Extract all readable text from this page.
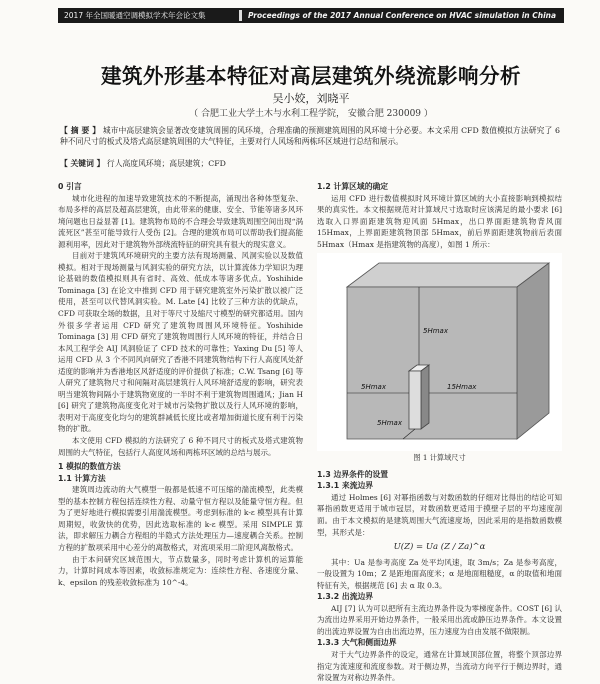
2017 年全国暖通空调模拟学术年会论文集	Proceedings of the 2017 Annual Conference on HVAC simulation in China
建筑外形基本特征对高层建筑外绕流影响分析
吴小姣，刘晓平
（ 合肥工业大学土木与水利工程学院， 安徽合肥 230009 ）
【 摘 要 】 城市中高层建筑会显著改变建筑周围的风环境，合理准确的预测建筑周围的风环境十分必要。本文采用 CFD 数值模拟方法研究了 6 种不同尺寸的板式及塔式高层建筑周围的大气特征，主要对行人风场和两栋环区域进行总结和展示。
【 关键词 】 行人高度风环境；高层建筑；CFD
0 引言

城市化进程的加速导致建筑技术的不断提高，涌现出各种体型复杂、布局多样的高层及超高层建筑，由此带来的健康、安全、节能等诸多风环境问题也日益显著 [1]。建筑物布局的不合理会导致建筑周围空间出现“涡流死区”甚至可能导致行人受伤 [2]。合理的建筑布局可以帮助我们提高能源利用率，因此对于建筑物外部绕流特征的研究具有很大的现实意义。

目前对于建筑风环境研究的主要方法有现场测量、风洞实验以及数值模拟。相对于现场测量与风洞实验的研究方法，以计算流体力学知识为理论基础的数值模拟则具有省时、高效、低成本等诸多优点。Yoshihide Tominaga [3] 在论文中推到 CFD 用于研究建筑室外污染扩散以被广泛使用，甚至可以代替风洞实验。M. Late [4] 比较了三种方法的优缺点，CFD 可获取全场的数据，且对于等尺寸及缩尺寸模型的研究都适用。国内外很多学者运用 CFD 研究了建筑物周围风环境特征。Yoshihide Tominaga [3] 用 CFD 研究了建筑物周围行人风环境的特征，并结合日本风工程学会 AIJ 风洞验证了 CFD 技术的可靠性；Yaxing Du [5] 等人运用 CFD 从 3 个不同风向研究了香港不同建筑物结构下行人高度风处舒适度的影响并为香港地区风舒适度的评价提供了标准；C.W. Tsang [6] 等人研究了建筑物尺寸和间隔对高层建筑行人风环境舒适度的影响，研究表明当建筑物间隔小于建筑物宽度的一半时不利于建筑物周围通风；Jian H [6] 研究了建筑物高度变化对于城市污染物扩散以及行人风环境的影响，表明对于高度变化均匀的建筑群减低长度比或者增加街道长度有利于污染物的扩散。

本文使用 CFD 模拟的方法研究了 6 种不同尺寸的板式及塔式建筑物周围的大气特征，包括行人高度风场和两栋环区域的总结与展示。

1 模拟的数值方法
1.1 计算方法

建筑周边流动的大气模型一般都是低速不可压缩的湍流模型，此类模型的基本控制方程包括连续性方程、动量守恒方程以及能量守恒方程。但为了更好地进行模拟需要引用湍流模型。考虑到标准的 k-ε 模型具有计算周期短，收敛快的优势，因此选取标准的 k-ε 模型。采用 SIMPLE 算法，即求解压力耦合方程组的半隐式方法处理压力—速度耦合关系。控制方程的扩散项采用中心差分的离散格式，对流项采用二阶迎风离散格式。

由于本问研究区域范围大，节点数量多，同时考虑计算机的运算能力，计算时间成本等因素，收敛标准规定为：连续性方程、各速度分量、k、epsilon 的残差收敛标准为 10^-4。

1.2 计算区域的确定

运用 CFD 进行数值模拟时风环境计算区域的大小直接影响到模拟结果的真实性。本文根据规范对计算域尺寸选取时应该满足的最小要求 [6] 选取入口界面距建筑物迎风面 5Hmax，出口界面距建筑物背风面 15Hmax，上界面距建筑物顶部 5Hmax，前后界面距建筑物前后表面 5Hmax（Hmax 是指建筑物的高度），如图 1 所示：

5Hmax
5Hmax	15Hmax
5Hmax
图 1 计算域尺寸
1.3 边界条件的设置
1.3.1 来流边界

通过 Holmes [6] 对幂指函数与对数函数的仔细对比得出的结论可知幂指函数更适用于城市冠层，对数函数更适用于摸壁子层的平均速度剖面。由于本文模拟的是建筑周围大气流速度场，因此采用的是指数函数模型，其形式是：

U(Z) = Ua (Z / Za)^α

其中：Ua 是参考高度 Za 处平均风速，取 3m/s；Za 是参考高度，一般设置为 10m；Z 是距地面高度米；α 是地面粗糙度，α 的取值和地面特征有关，根据规范 [6] 去 α 取 0.3。

1.3.2 出流边界

AIJ [7] 认为可以把所有主流边界条件设为零梯度条件。COST [6] 认为流出边界采用开始边界条件，一般采用出流或静压边界条件。本文设置的出流边界设置为自由出流边界，压力速度为自由发展不做限制。

1.3.3 大气和侧面边界

对于大气边界条件的设定，通常在计算域顶部位置，将整个顶部边界指定为流速度和流度参数。对于侧边界，当流动方向平行于侧边界时，通常设置为对称边界条件。
